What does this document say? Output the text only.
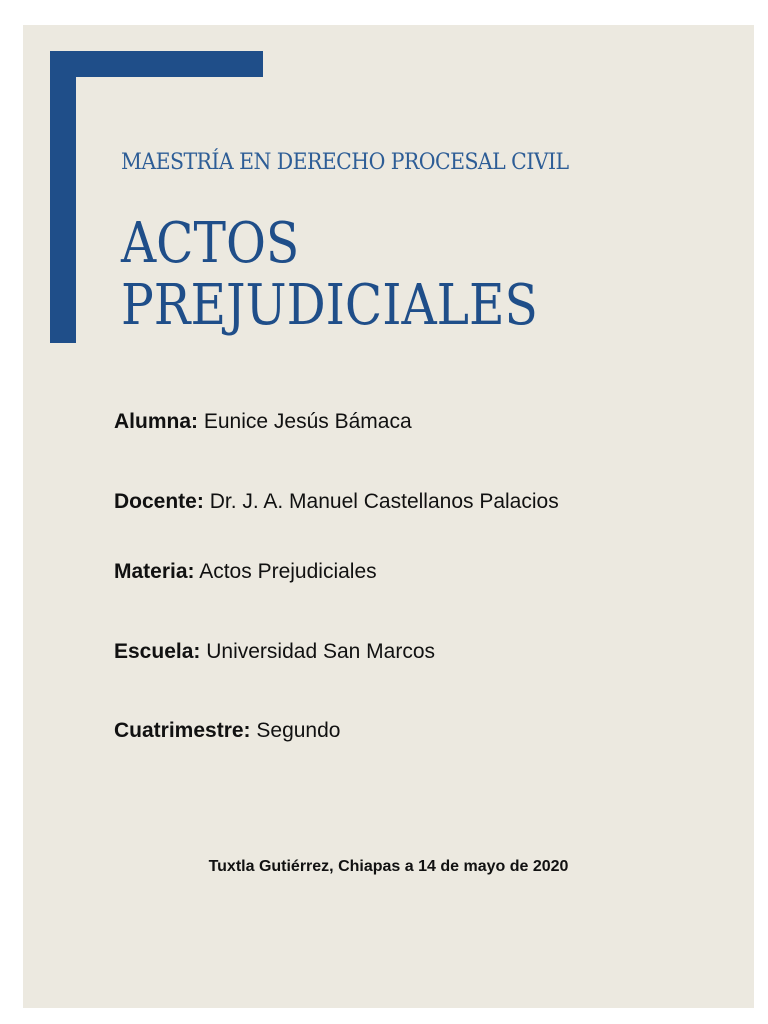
MAESTRÍA EN DERECHO PROCESAL CIVIL
ACTOS
PREJUDICIALES
Alumna: Eunice Jesús Bámaca
Docente: Dr. J. A. Manuel Castellanos Palacios
Materia: Actos Prejudiciales
Escuela: Universidad San Marcos
Cuatrimestre: Segundo
Tuxtla Gutiérrez, Chiapas a 14 de mayo de 2020
